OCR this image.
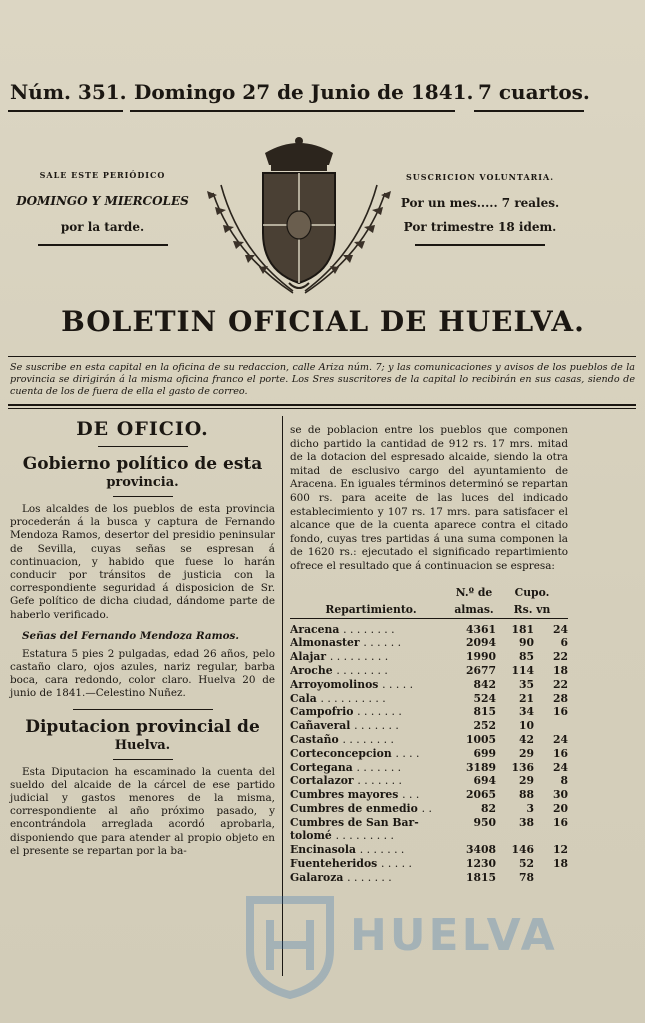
Núm. 351. Domingo 27 de Junio de 1841. 7 cuartos.
SALE ESTE PERIÓDICO
DOMINGO Y MIERCOLES
por la tarde.
SUSCRICION VOLUNTARIA.
Por un mes..... 7 reales.
Por trimestre 18 idem.
BOLETIN OFICIAL DE HUELVA.
Se suscribe en esta capital en la oficina de su redaccion, calle Ariza núm. 7; y las comunicaciones y avisos de los pueblos de la provincia se dirigirán á la misma oficina franco el porte. Los Sres suscritores de la capital lo recibirán en sus casas, siendo de cuenta de los de fuera de ella el gasto de correo.
DE OFICIO.
Gobierno político de esta
provincia.
Los alcaldes de los pueblos de esta provincia procederán á la busca y captura de Fernando Mendoza Ramos, desertor del presidio peninsular de Sevilla, cuyas señas se espresan á continuacion, y habido que fuese lo harán conducir por tránsitos de justicia con la correspondiente seguridad á disposicion de Sr. Gefe político de dicha ciudad, dándome parte de haberlo verificado.
Señas del Fernando Mendoza Ramos.
Estatura 5 pies 2 pulgadas, edad 26 años, pelo castaño claro, ojos azules, nariz regular, barba boca, cara redondo, color claro. Huelva 20 de junio de 1841.—Celestino Nuñez.
Diputacion provincial de
Huelva.
Esta Diputacion ha escaminado la cuenta del sueldo del alcaide de la cárcel de ese partido judicial y gastos menores de la misma, correspondiente al año próximo pasado, y encontrándola arreglada acordó aprobarla, disponiendo que para atender al propio objeto en el presente se repartan por la ba-
se de poblacion entre los pueblos que componen dicho partido la cantidad de 912 rs. 17 mrs. mitad de la dotacion del espresado alcaide, siendo la otra mitad de esclusivo cargo del ayuntamiento de Aracena. En iguales términos determinó se repartan 600 rs. para aceite de las luces del indicado establecimiento y 107 rs. 17 mrs. para satisfacer el alcance que de la cuenta aparece contra el citado fondo, cuyas tres partidas á una suma componen la de 1620 rs.: ejecutado el significado repartimiento ofrece el resultado que á continuacion se espresa:
Repartimiento.	N.º de	Cupo.	
	almas.	Rs. vn	

Aracena . . . . . . . .	4361	181	24
Almonaster . . . . . .	2094	90	6
Alajar . . . . . . . . .	1990	85	22
Aroche . . . . . . . .	2677	114	18
Arroyomolinos . . . . .	842	35	22
Cala . . . . . . . . . .	524	21	28
Campofrio . . . . . . .	815	34	16
Cañaveral . . . . . . .	252	10	
Castaño . . . . . . . .	1005	42	24
Corteconcepcion . . . .	699	29	16
Cortegana . . . . . . .	3189	136	24
Cortalazor . . . . . . .	694	29	8
Cumbres mayores . . .	2065	88	30
Cumbres de enmedio . .	82	3	20
Cumbres de San Bar-	950	38	16
tolomé . . . . . . . . .			
Encinasola . . . . . . .	3408	146	12
Fuenteheridos . . . . .	1230	52	18
Galaroza . . . . . . .	1815	78	
HUELVA
